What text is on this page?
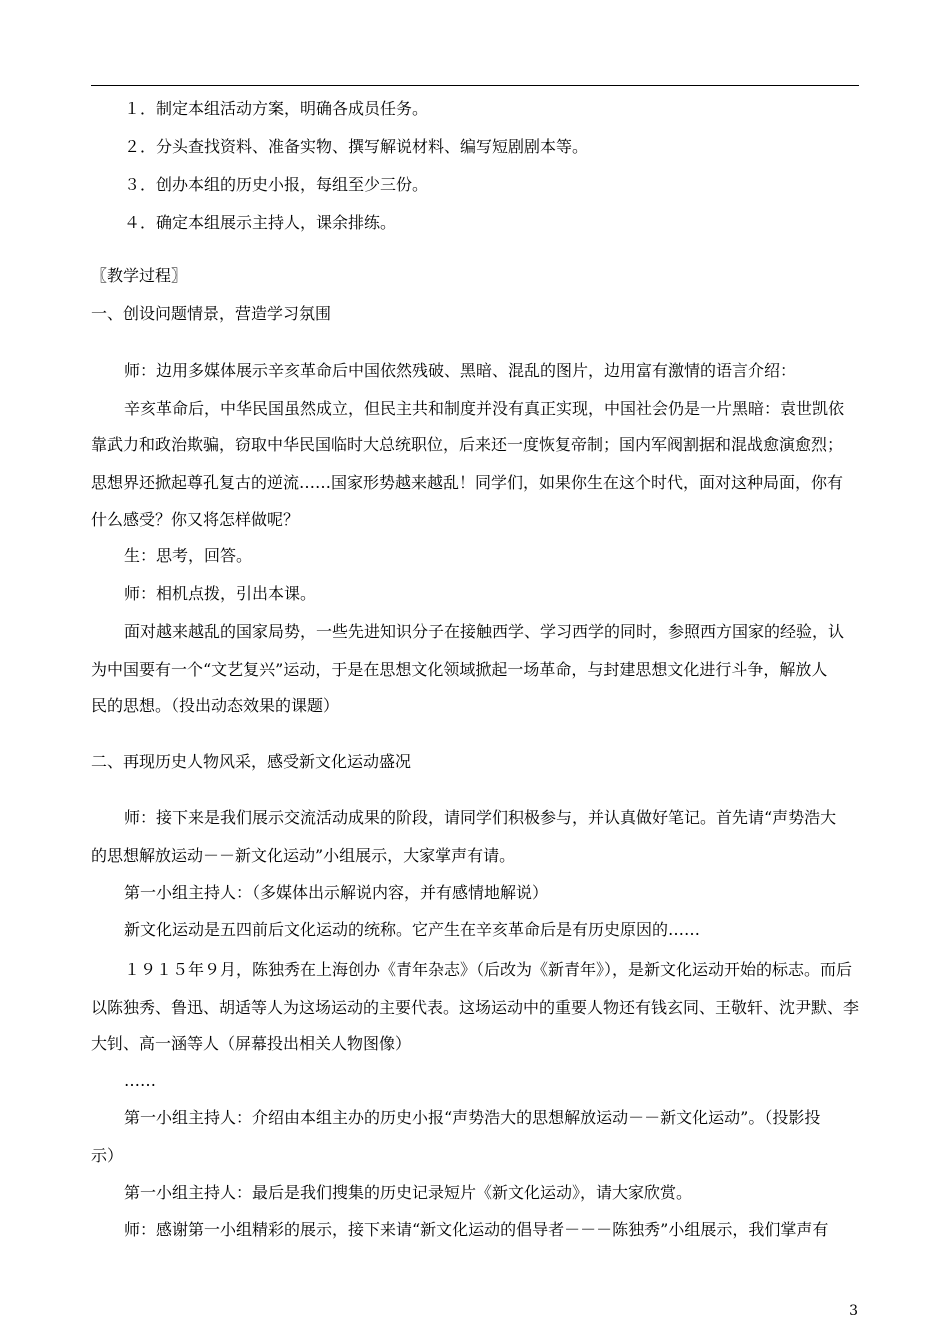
１．制定本组活动方案，明确各成员任务。
２．分头查找资料、准备实物、撰写解说材料、编写短剧剧本等。
３．创办本组的历史小报，每组至少三份。
４．确定本组展示主持人，课余排练。
〖教学过程〗
一、创设问题情景，营造学习氛围
师：边用多媒体展示辛亥革命后中国依然残破、黑暗、混乱的图片，边用富有激情的语言介绍：
辛亥革命后，中华民国虽然成立，但民主共和制度并没有真正实现，中国社会仍是一片黑暗：袁世凯依
靠武力和政治欺骗，窃取中华民国临时大总统职位，后来还一度恢复帝制；国内军阀割据和混战愈演愈烈；
思想界还掀起尊孔复古的逆流……国家形势越来越乱！同学们，如果你生在这个时代，面对这种局面，你有
什么感受？你又将怎样做呢？
生：思考，回答。
师：相机点拨，引出本课。
面对越来越乱的国家局势，一些先进知识分子在接触西学、学习西学的同时，参照西方国家的经验，认
为中国要有一个“文艺复兴”运动，于是在思想文化领域掀起一场革命，与封建思想文化进行斗争，解放人
民的思想。（投出动态效果的课题）
二、再现历史人物风采，感受新文化运动盛况
师：接下来是我们展示交流活动成果的阶段，请同学们积极参与，并认真做好笔记。首先请“声势浩大
的思想解放运动－－新文化运动”小组展示，大家掌声有请。
第一小组主持人：（多媒体出示解说内容，并有感情地解说）
新文化运动是五四前后文化运动的统称。它产生在辛亥革命后是有历史原因的……
１９１５年９月，陈独秀在上海创办《青年杂志》（后改为《新青年》），是新文化运动开始的标志。而后
以陈独秀、鲁迅、胡适等人为这场运动的主要代表。这场运动中的重要人物还有钱玄同、王敬轩、沈尹默、李
大钊、高一涵等人（屏幕投出相关人物图像）
……
第一小组主持人：介绍由本组主办的历史小报“声势浩大的思想解放运动－－新文化运动”。（投影投
示）
第一小组主持人：最后是我们搜集的历史记录短片《新文化运动》，请大家欣赏。
师：感谢第一小组精彩的展示，接下来请“新文化运动的倡导者－－－陈独秀”小组展示，我们掌声有
3
